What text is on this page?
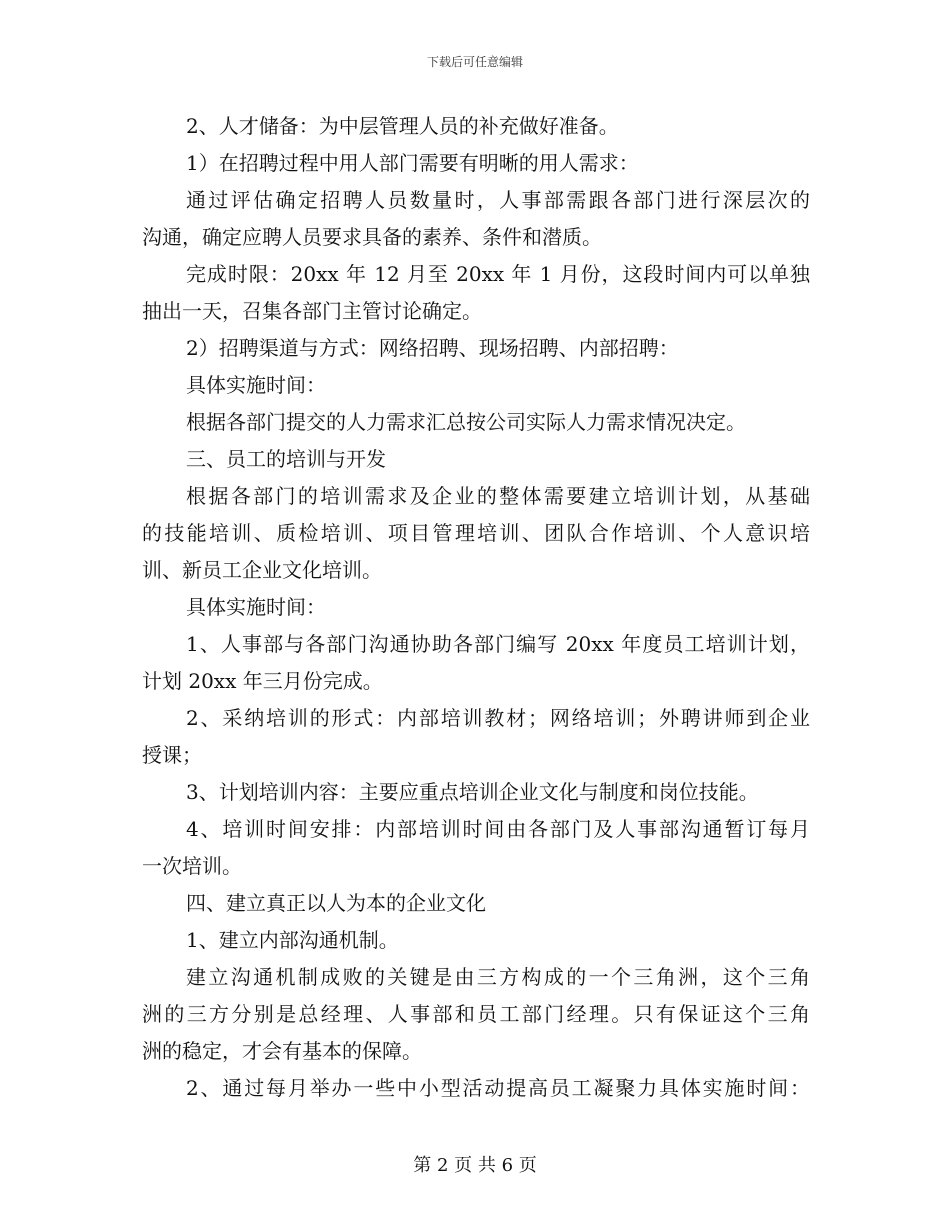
下载后可任意编辑
2、人才储备：为中层管理人员的补充做好准备。
1）在招聘过程中用人部门需要有明晰的用人需求：
通过评估确定招聘人员数量时，人事部需跟各部门进行深层次的
沟通，确定应聘人员要求具备的素养、条件和潜质。
完成时限：20xx 年 12 月至 20xx 年 1 月份，这段时间内可以单独
抽出一天，召集各部门主管讨论确定。
2）招聘渠道与方式：网络招聘、现场招聘、内部招聘：
具体实施时间：
根据各部门提交的人力需求汇总按公司实际人力需求情况决定。
三、员工的培训与开发
根据各部门的培训需求及企业的整体需要建立培训计划，从基础
的技能培训、质检培训、项目管理培训、团队合作培训、个人意识培
训、新员工企业文化培训。
具体实施时间：
1、人事部与各部门沟通协助各部门编写 20xx 年度员工培训计划，
计划 20xx 年三月份完成。
2、采纳培训的形式：内部培训教材；网络培训；外聘讲师到企业
授课；
3、计划培训内容：主要应重点培训企业文化与制度和岗位技能。
4、培训时间安排：内部培训时间由各部门及人事部沟通暂订每月
一次培训。
四、建立真正以人为本的企业文化
1、建立内部沟通机制。
建立沟通机制成败的关键是由三方构成的一个三角洲，这个三角
洲的三方分别是总经理、人事部和员工部门经理。只有保证这个三角
洲的稳定，才会有基本的保障。
2、通过每月举办一些中小型活动提高员工凝聚力具体实施时间：
第 2 页 共 6 页
